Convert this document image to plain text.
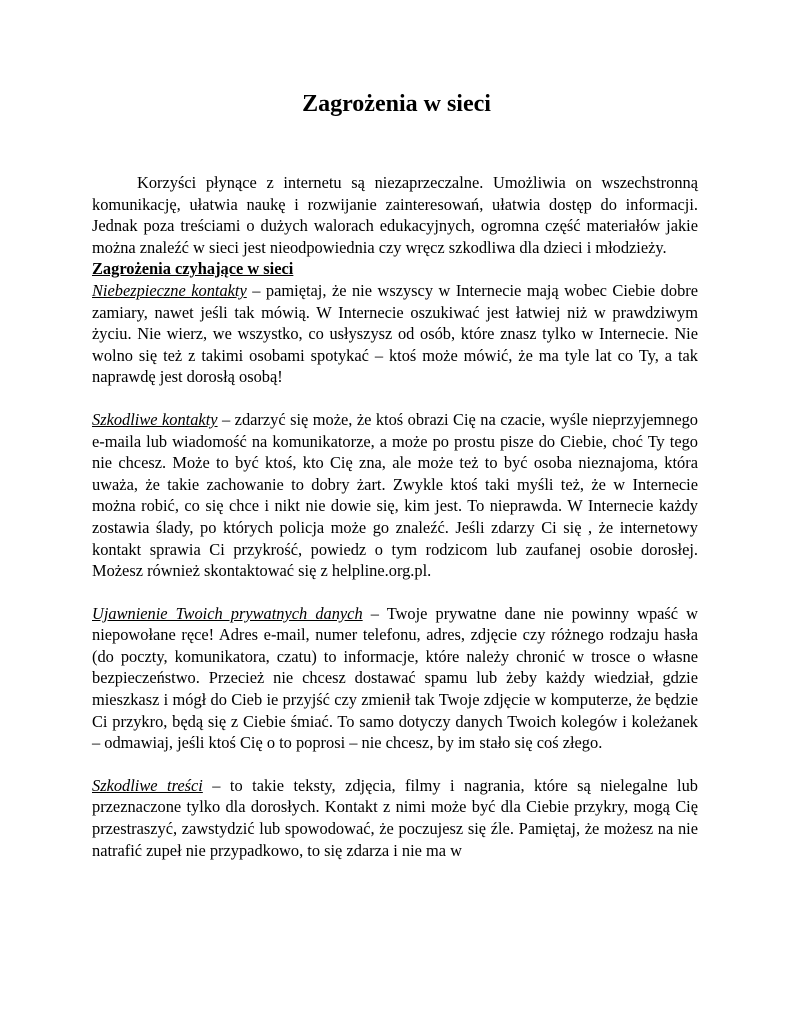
Zagrożenia w sieci

Korzyści płynące z internetu są niezaprzeczalne. Umożliwia on wszechstronną komunikację, ułatwia naukę i rozwijanie zainteresowań, ułatwia dostęp do informacji. Jednak poza treściami o dużych walorach edukacyjnych, ogromna część materiałów jakie można znaleźć w sieci jest nieodpowiednia czy wręcz szkodliwa dla dzieci i młodzieży.

Zagrożenia czyhające w sieci

Niebezpieczne kontakty – pamiętaj, że nie wszyscy w Internecie mają wobec Ciebie dobre zamiary, nawet jeśli tak mówią. W Internecie oszukiwać jest łatwiej niż w prawdziwym życiu. Nie wierz, we wszystko, co usłyszysz od osób, które znasz tylko w Internecie. Nie wolno się też z takimi osobami spotykać – ktoś może mówić, że ma tyle lat co Ty, a tak naprawdę jest dorosłą osobą!

Szkodliwe kontakty – zdarzyć się może, że ktoś obrazi Cię na czacie, wyśle nieprzyjemnego e-maila lub wiadomość na komunikatorze, a może po prostu pisze do Ciebie, choć Ty tego nie chcesz. Może to być ktoś, kto Cię zna, ale może też to być osoba nieznajoma, która uważa, że takie zachowanie to dobry żart. Zwykle ktoś taki myśli też, że w Internecie można robić, co się chce i nikt nie dowie się, kim jest. To nieprawda. W Internecie każdy zostawia ślady, po których policja może go znaleźć. Jeśli zdarzy Ci się , że internetowy kontakt sprawia Ci przykrość, powiedz o tym rodzicom lub zaufanej osobie dorosłej. Możesz również skontaktować się z helpline.org.pl.

Ujawnienie Twoich prywatnych danych – Twoje prywatne dane nie powinny wpaść w niepowołane ręce! Adres e-mail, numer telefonu, adres, zdjęcie czy różnego rodzaju hasła (do poczty, komunikatora, czatu) to informacje, które należy chronić w trosce o własne bezpieczeństwo. Przecież nie chcesz dostawać spamu lub żeby każdy wiedział, gdzie mieszkasz i mógł do Cieb ie przyjść czy zmienił tak Twoje zdjęcie w komputerze, że będzie Ci przykro, będą się z Ciebie śmiać. To samo dotyczy danych Twoich kolegów i koleżanek – odmawiaj, jeśli ktoś Cię o to poprosi – nie chcesz, by im stało się coś złego.

Szkodliwe treści – to takie teksty, zdjęcia, filmy i nagrania, które są nielegalne lub przeznaczone tylko dla dorosłych. Kontakt z nimi może być dla Ciebie przykry, mogą Cię przestraszyć, zawstydzić lub spowodować, że poczujesz się źle. Pamiętaj, że możesz na nie natrafić zupeł nie przypadkowo, to się zdarza i nie ma w
